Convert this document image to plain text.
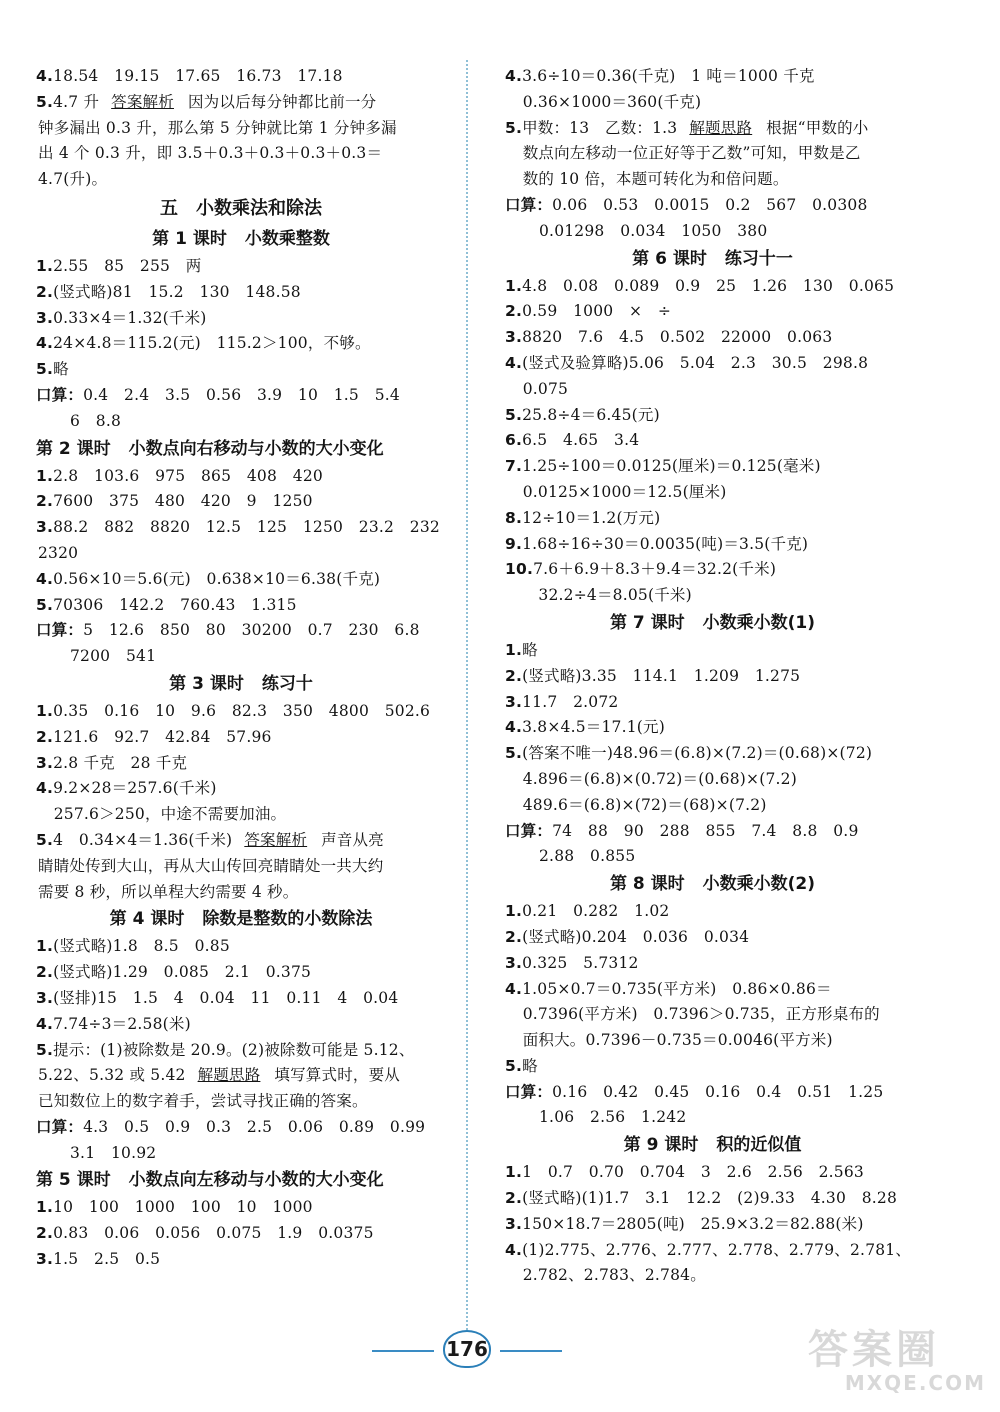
4.18.54　19.15　17.65　16.73　17.18
5.4.7 升 答案解析 因为以后每分钟都比前一分
钟多漏出 0.3 升，那么第 5 分钟就比第 1 分钟多漏
出 4 个 0.3 升，即 3.5＋0.3＋0.3＋0.3＋0.3＝
4.7(升)。
五 小数乘法和除法
第 1 课时 小数乘整数
1.2.55　85　255　两
2.(竖式略)81　15.2　130　148.58
3.0.33×4＝1.32(千米)
4.24×4.8＝115.2(元)　115.2＞100，不够。
5.略
口算：0.4　2.4　3.5　0.56　3.9　10　1.5　5.4
6　8.8
第 2 课时 小数点向右移动与小数的大小变化
1.2.8　103.6　975　865　408　420
2.7600　375　480　420　9　1250
3.88.2　882　8820　12.5　125　1250　23.2　232
2320
4.0.56×10＝5.6(元)　0.638×10＝6.38(千克)
5.70306　142.2　760.43　1.315
口算：5　12.6　850　80　30200　0.7　230　6.8
7200　541
第 3 课时 练习十
1.0.35　0.16　10　9.6　82.3　350　4800　502.6
2.121.6　92.7　42.84　57.96
3.2.8 千克　28 千克
4.9.2×28＝257.6(千米)
　257.6＞250，中途不需要加油。
5.4　0.34×4＝1.36(千米) 答案解析 声音从亮
睛睛处传到大山，再从大山传回亮睛睛处一共大约
需要 8 秒，所以单程大约需要 4 秒。
第 4 课时 除数是整数的小数除法
1.(竖式略)1.8　8.5　0.85
2.(竖式略)1.29　0.085　2.1　0.375
3.(竖排)15　1.5　4　0.04　11　0.11　4　0.04
4.7.74÷3＝2.58(米)
5.提示：(1)被除数是 20.9。(2)被除数可能是 5.12、
5.22、5.32 或 5.42 解题思路 填写算式时，要从
已知数位上的数字着手，尝试寻找正确的答案。
口算：4.3　0.5　0.9　0.3　2.5　0.06　0.89　0.99
3.1　10.92
第 5 课时 小数点向左移动与小数的大小变化
1.10　100　1000　100　10　1000
2.0.83　0.06　0.056　0.075　1.9　0.0375
3.1.5　2.5　0.5
4.3.6÷10＝0.36(千克)　1 吨＝1000 千克
　0.36×1000＝360(千克)
5.甲数：13　乙数：1.3 解题思路 根据“甲数的小
　数点向左移动一位正好等于乙数”可知，甲数是乙
　数的 10 倍，本题可转化为和倍问题。
口算：0.06　0.53　0.0015　0.2　567　0.0308
0.01298　0.034　1050　380
第 6 课时 练习十一
1.4.8　0.08　0.089　0.9　25　1.26　130　0.065
2.0.59　1000　×　÷
3.8820　7.6　4.5　0.502　22000　0.063
4.(竖式及验算略)5.06　5.04　2.3　30.5　298.8
　0.075
5.25.8÷4＝6.45(元)
6.6.5　4.65　3.4
7.1.25÷100＝0.0125(厘米)＝0.125(毫米)
　0.0125×1000＝12.5(厘米)
8.12÷10＝1.2(万元)
9.1.68÷16÷30＝0.0035(吨)＝3.5(千克)
10.7.6＋6.9＋8.3＋9.4＝32.2(千米)
　　32.2÷4＝8.05(千米)
第 7 课时 小数乘小数(1)
1.略
2.(竖式略)3.35　114.1　1.209　1.275
3.11.7　2.072
4.3.8×4.5＝17.1(元)
5.(答案不唯一)48.96＝(6.8)×(7.2)＝(0.68)×(72)
　4.896＝(6.8)×(0.72)＝(0.68)×(7.2)
　489.6＝(6.8)×(72)＝(68)×(7.2)
口算：74　88　90　288　855　7.4　8.8　0.9
2.88　0.855
第 8 课时 小数乘小数(2)
1.0.21　0.282　1.02
2.(竖式略)0.204　0.036　0.034
3.0.325　5.7312
4.1.05×0.7＝0.735(平方米)　0.86×0.86＝
　0.7396(平方米)　0.7396＞0.735，正方形桌布的
　面积大。0.7396－0.735＝0.0046(平方米)
5.略
口算：0.16　0.42　0.45　0.16　0.4　0.51　1.25
1.06　2.56　1.242
第 9 课时 积的近似值
1.1　0.7　0.70　0.704　3　2.6　2.56　2.563
2.(竖式略)(1)1.7　3.1　12.2　(2)9.33　4.30　8.28
3.150×18.7＝2805(吨)　25.9×3.2＝82.88(米)
4.(1)2.775、2.776、2.777、2.778、2.779、2.781、
　2.782、2.783、2.784。
176	答案圈
MXQE.COM
